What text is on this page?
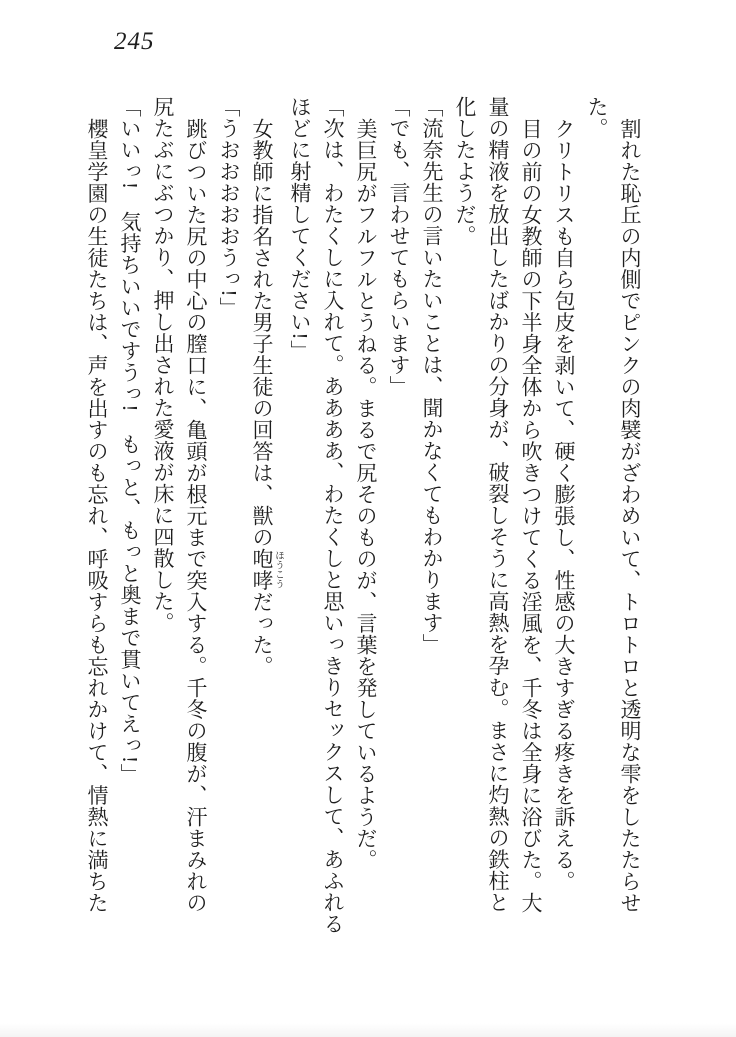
245

割れた恥丘の内側でピンクの肉襞がざわめいて、トロトロと透明な雫をしたたらせ

た。

クリトリスも自ら包皮を剥いて、硬く膨張し、性感の大きすぎる疼きを訴える。

目の前の女教師の下半身全体から吹きつけてくる淫風を、千冬は全身に浴びた。大

量の精液を放出したばかりの分身が、破裂しそうに高熱を孕む。まさに灼熱の鉄柱と

化したようだ。

「流奈先生の言いたいことは、聞かなくてもわかります」

「でも、言わせてもらいます」

美巨尻がフルフルとうねる。まるで尻そのものが、言葉を発しているようだ。

「次は、わたくしに入れて。ああああ、わたくしと思いっきりセックスして、あふれる

ほどに射精してください!」

女教師に指名された男子生徒の回答は、獣の咆哮 ほうこうだった。

「うおおおおおうっ!」

跳びついた尻の中心の膣口に、亀頭が根元まで突入する。千冬の腹が、汗まみれの

尻たぶにぶつかり、押し出された愛液が床に四散した。

「いいっ!　気持ちいいですうっ!　もっと、もっと奥まで貫いてえっ!」

櫻皇学園の生徒たちは、声を出すのも忘れ、呼吸すらも忘れかけて、情熱に満ちた
